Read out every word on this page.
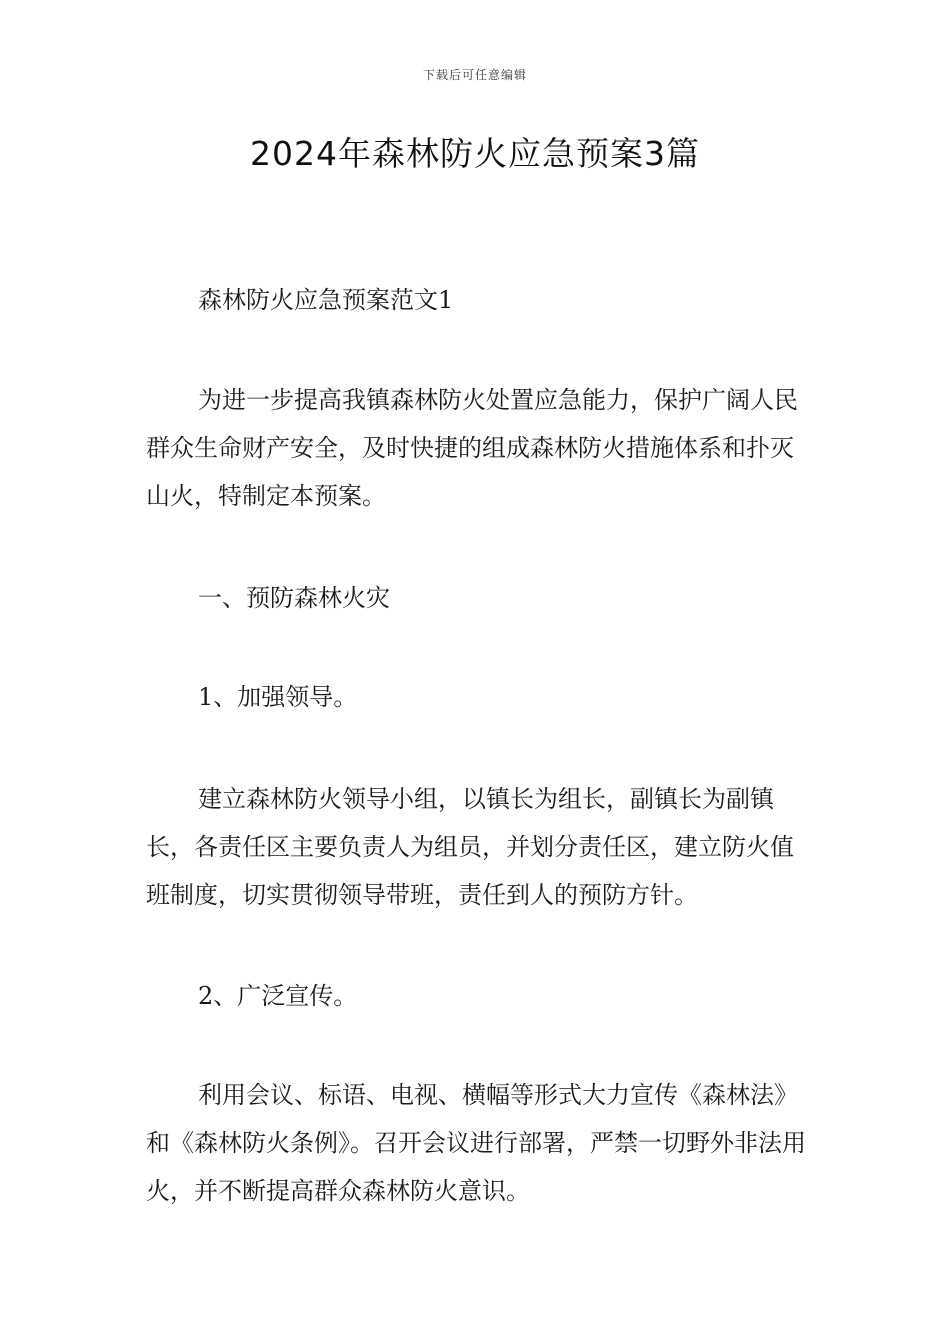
下载后可任意编辑
2024年森林防火应急预案3篇

森林防火应急预案范文1

为进一步提高我镇森林防火处置应急能力，保护广阔人民群众生命财产安全，及时快捷的组成森林防火措施体系和扑灭山火，特制定本预案。

一、预防森林火灾

1、加强领导。

建立森林防火领导小组，以镇长为组长，副镇长为副镇长，各责任区主要负责人为组员，并划分责任区，建立防火值班制度，切实贯彻领导带班，责任到人的预防方针。

2、广泛宣传。

利用会议、标语、电视、横幅等形式大力宣传《森林法》和《森林防火条例》。召开会议进行部署，严禁一切野外非法用火，并不断提高群众森林防火意识。
